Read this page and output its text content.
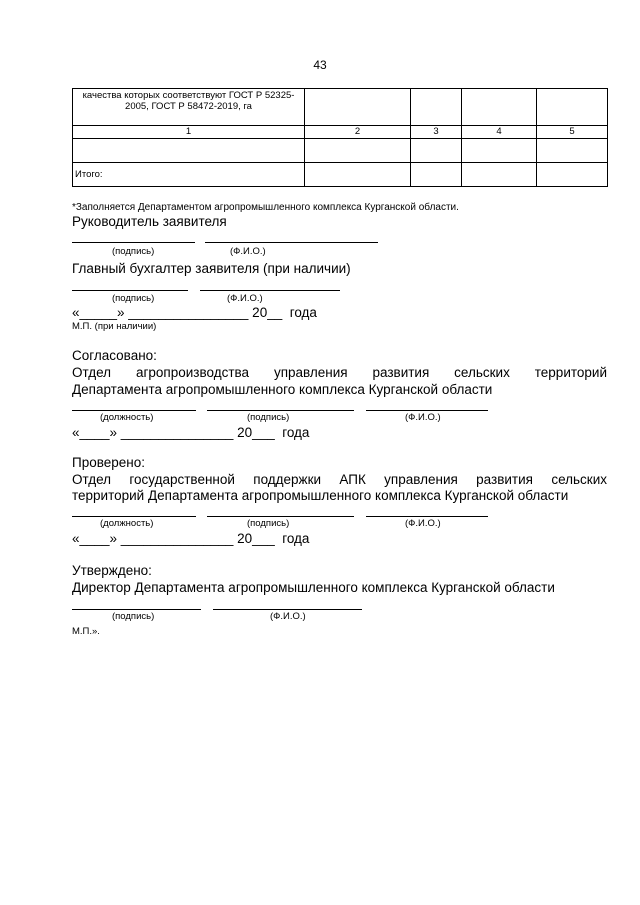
43
качества которых соответствуют ГОСТ Р 52325-2005, ГОСТ Р 58472-2019, га				

1	2	3	4	5

Итого:				
*Заполняется Департаментом агропромышленного комплекса Курганской области.
Руководитель заявителя
(подпись)	(Ф.И.О.)
Главный бухгалтер заявителя (при наличии)
(подпись)	(Ф.И.О.)
«_____» ________________ 20__  года
М.П. (при наличии)
Согласовано:
Отдел агропроизводства управления развития сельских территорий
Департамента агропромышленного комплекса Курганской области
(должность)	(подпись)	(Ф.И.О.)
«____» _______________ 20___  года
Проверено:
Отдел государственной поддержки АПК управления развития сельских
территорий Департамента агропромышленного комплекса Курганской области
(должность)	(подпись)	(Ф.И.О.)
«____» _______________ 20___  года
Утверждено:
Директор Департамента агропромышленного комплекса Курганской области
(подпись)	(Ф.И.О.)
М.П.».
